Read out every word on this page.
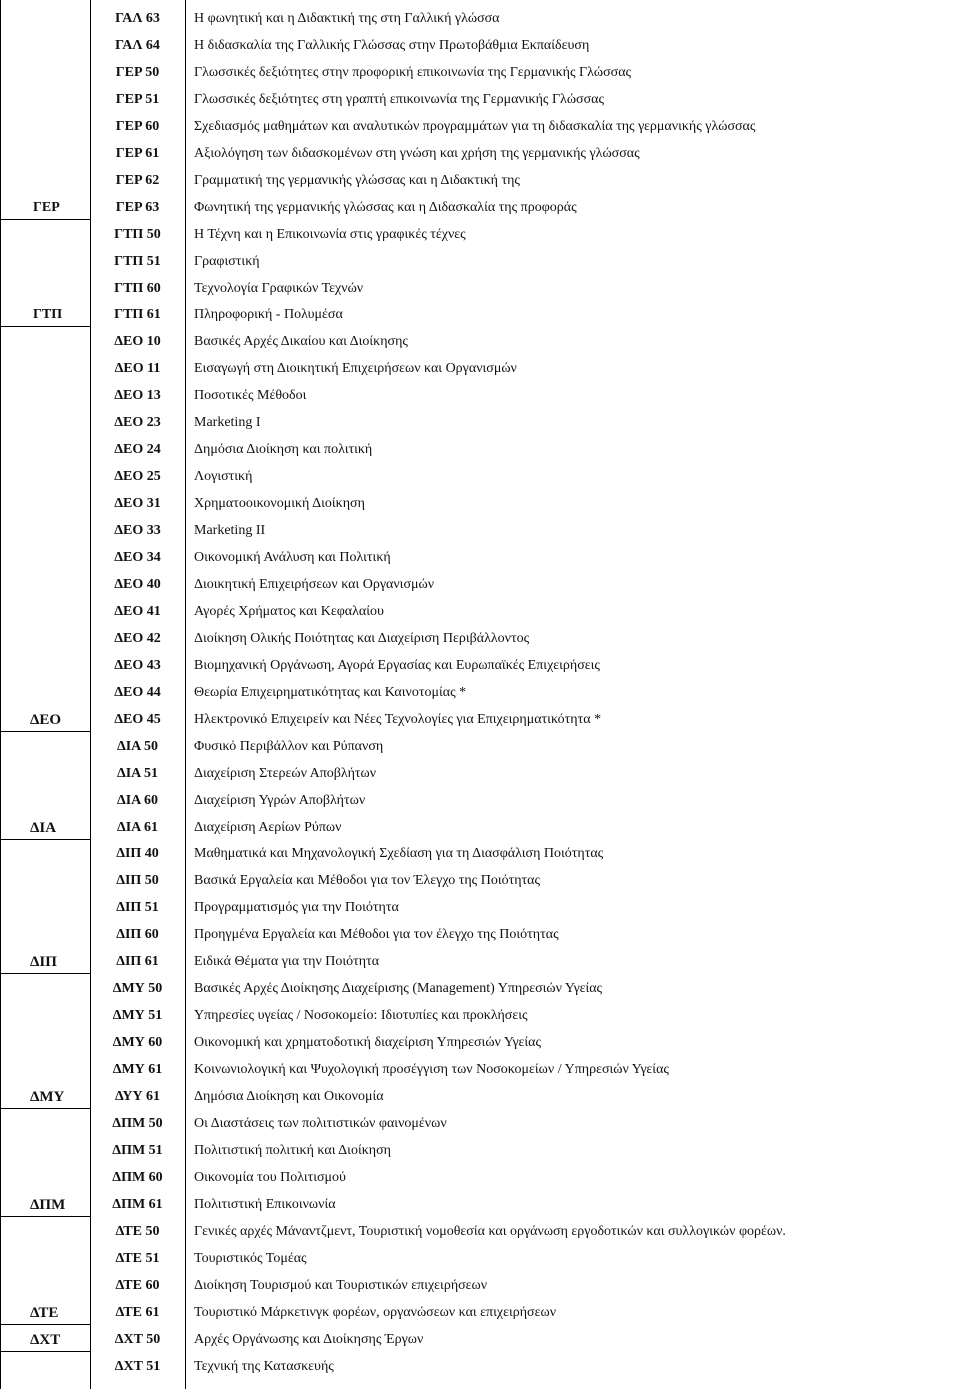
ΓΑΛ 63	Η φωνητική και η Διδακτική της στη Γαλλική γλώσσα
ΓΑΛ 64	Η διδασκαλία της Γαλλικής Γλώσσας στην Πρωτοβάθμια Εκπαίδευση
ΓΕΡ 50	Γλωσσικές δεξιότητες στην προφορική επικοινωνία της Γερμανικής Γλώσσας
ΓΕΡ 51	Γλωσσικές δεξιότητες στη γραπτή επικοινωνία της Γερμανικής Γλώσσας
ΓΕΡ 60	Σχεδιασμός μαθημάτων και αναλυτικών προγραμμάτων για τη διδασκαλία της γερμανικής γλώσσας
ΓΕΡ 61	Αξιολόγηση των διδασκομένων στη γνώση και χρήση της γερμανικής γλώσσας
ΓΕΡ 62	Γραμματική της γερμανικής γλώσσας και η Διδακτική της
ΓΕΡ	ΓΕΡ 63	Φωνητική της γερμανικής γλώσσας και η Διδασκαλία της προφοράς
ΓΤΠ 50	Η Τέχνη και η Επικοινωνία στις γραφικές τέχνες
ΓΤΠ 51	Γραφιστική
ΓΤΠ 60	Τεχνολογία Γραφικών Τεχνών
ΓΤΠ	ΓΤΠ 61	Πληροφορική - Πολυμέσα
ΔΕΟ 10	Βασικές Αρχές Δικαίου και Διοίκησης
ΔΕΟ 11	Εισαγωγή στη Διοικητική Επιχειρήσεων και Οργανισμών
ΔΕΟ 13	Ποσοτικές Μέθοδοι
ΔΕΟ 23	Marketing I
ΔΕΟ 24	Δημόσια Διοίκηση και πολιτική
ΔΕΟ 25	Λογιστική
ΔΕΟ 31	Χρηματοοικονομική Διοίκηση
ΔΕΟ 33	Marketing II
ΔΕΟ 34	Οικονομική Ανάλυση και Πολιτική
ΔΕΟ 40	Διοικητική Επιχειρήσεων και Οργανισμών
ΔΕΟ 41	Αγορές Χρήματος και Κεφαλαίου
ΔΕΟ 42	Διοίκηση Ολικής Ποιότητας και Διαχείριση Περιβάλλοντος
ΔΕΟ 43	Βιομηχανική Οργάνωση, Αγορά Εργασίας και Ευρωπαϊκές Επιχειρήσεις
ΔΕΟ 44	Θεωρία Επιχειρηματικότητας και Καινοτομίας *
ΔΕΟ	ΔΕΟ 45	Ηλεκτρονικό Επιχειρείν και Νέες Τεχνολογίες για Επιχειρηματικότητα *
ΔΙΑ 50	Φυσικό Περιβάλλον και Ρύπανση
ΔΙΑ 51	Διαχείριση Στερεών Αποβλήτων
ΔΙΑ 60	Διαχείριση Υγρών Αποβλήτων
ΔΙΑ	ΔΙΑ 61	Διαχείριση Αερίων Ρύπων
ΔΙΠ 40	Μαθηματικά και Μηχανολογική Σχεδίαση για τη Διασφάλιση Ποιότητας
ΔΙΠ 50	Βασικά Εργαλεία και Μέθοδοι για τον Έλεγχο της Ποιότητας
ΔΙΠ 51	Προγραμματισμός για την Ποιότητα
ΔΙΠ 60	Προηγμένα Εργαλεία και Μέθοδοι για τον έλεγχο της Ποιότητας
ΔΙΠ	ΔΙΠ 61	Ειδικά Θέματα για την Ποιότητα
ΔΜΥ 50	Βασικές Αρχές Διοίκησης Διαχείρισης (Management) Υπηρεσιών Υγείας
ΔΜΥ 51	Υπηρεσίες υγείας / Νοσοκομείο: Ιδιοτυπίες και προκλήσεις
ΔΜΥ 60	Οικονομική και χρηματοδοτική διαχείριση Υπηρεσιών Υγείας
ΔΜΥ 61	Κοινωνιολογική και Ψυχολογική προσέγγιση των Νοσοκομείων / Υπηρεσιών Υγείας
ΔΜΥ	ΔΥΥ 61	Δημόσια Διοίκηση και Οικονομία
ΔΠΜ 50	Οι Διαστάσεις των πολιτιστικών φαινομένων
ΔΠΜ 51	Πολιτιστική πολιτική και Διοίκηση
ΔΠΜ 60	Οικονομία του Πολιτισμού
ΔΠΜ	ΔΠΜ 61	Πολιτιστική Επικοινωνία
ΔΤΕ 50	Γενικές αρχές Μάναντζμεντ, Τουριστική νομοθεσία και οργάνωση εργοδοτικών και συλλογικών φορέων.
ΔΤΕ 51	Τουριστικός Τομέας
ΔΤΕ 60	Διοίκηση Τουρισμού και Τουριστικών επιχειρήσεων
ΔΤΕ	ΔΤΕ 61	Τουριστικό Μάρκετινγκ φορέων, οργανώσεων και επιχειρήσεων
ΔΧΤ	ΔΧΤ 50	Αρχές Οργάνωσης και Διοίκησης Έργων
ΔΧΤ 51	Τεχνική της Κατασκευής
